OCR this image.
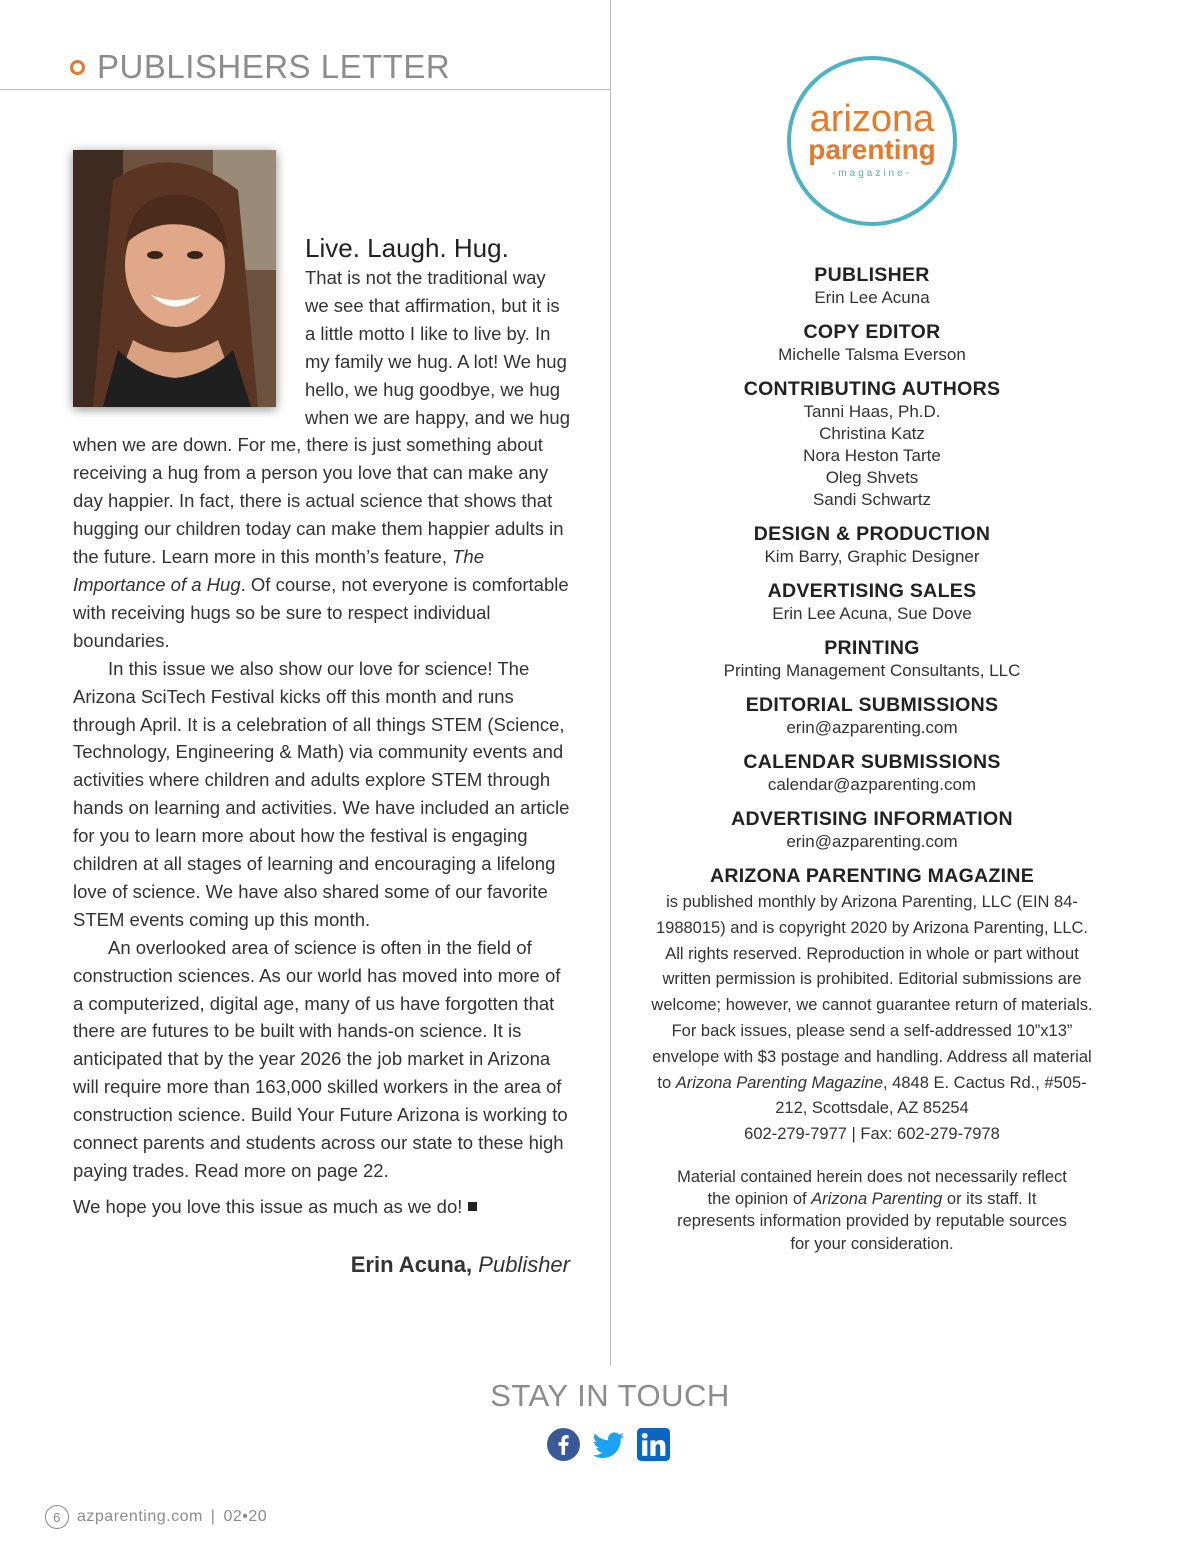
PUBLISHERS LETTER

Live. Laugh. Hug.
That is not the traditional way we see that affirmation, but it is a little motto I like to live by. In my family we hug. A lot! We hug hello, we hug goodbye, we hug when we are happy, and we hug when we are down. For me, there is just something about receiving a hug from a person you love that can make any day happier. In fact, there is actual science that shows that hugging our children today can make them happier adults in the future. Learn more in this month’s feature, The Importance of a Hug. Of course, not everyone is comfortable with receiving hugs so be sure to respect individual boundaries.

In this issue we also show our love for science! The Arizona SciTech Festival kicks off this month and runs through April. It is a celebration of all things STEM (Science, Technology, Engineering & Math) via community events and activities where children and adults explore STEM through hands on learning and activities. We have included an article for you to learn more about how the festival is engaging children at all stages of learning and encouraging a lifelong love of science. We have also shared some of our favorite STEM events coming up this month.

An overlooked area of science is often in the field of construction sciences. As our world has moved into more of a computerized, digital age, many of us have forgotten that there are futures to be built with hands-on science. It is anticipated that by the year 2026 the job market in Arizona will require more than 163,000 skilled workers in the area of construction science. Build Your Future Arizona is working to connect parents and students across our state to these high paying trades. Read more on page 22.

We hope you love this issue as much as we do!

Erin Acuna, Publisher
arizona
parenting
-magazine-
PUBLISHER
Erin Lee Acuna
COPY EDITOR
Michelle Talsma Everson
CONTRIBUTING AUTHORS
Tanni Haas, Ph.D.
Christina Katz
Nora Heston Tarte
Oleg Shvets
Sandi Schwartz
DESIGN & PRODUCTION
Kim Barry, Graphic Designer
ADVERTISING SALES
Erin Lee Acuna, Sue Dove
PRINTING
Printing Management Consultants, LLC
EDITORIAL SUBMISSIONS
erin@azparenting.com
CALENDAR SUBMISSIONS
calendar@azparenting.com
ADVERTISING INFORMATION
erin@azparenting.com
ARIZONA PARENTING MAGAZINE

is published monthly by Arizona Parenting, LLC (EIN 84-1988015) and is copyright 2020 by Arizona Parenting, LLC. All rights reserved. Reproduction in whole or part without written permission is prohibited. Editorial submissions are welcome; however, we cannot guarantee return of materials. For back issues, please send a self-addressed 10”x13” envelope with $3 postage and handling. Address all material to Arizona Parenting Magazine, 4848 E. Cactus Rd., #505-212, Scottsdale, AZ 85254
602-279-7977 | Fax: 602-279-7978

Material contained herein does not necessarily reflect the opinion of Arizona Parenting or its staff. It represents information provided by reputable sources for your consideration.

STAY IN TOUCH
6	azparenting.com | 02•20
